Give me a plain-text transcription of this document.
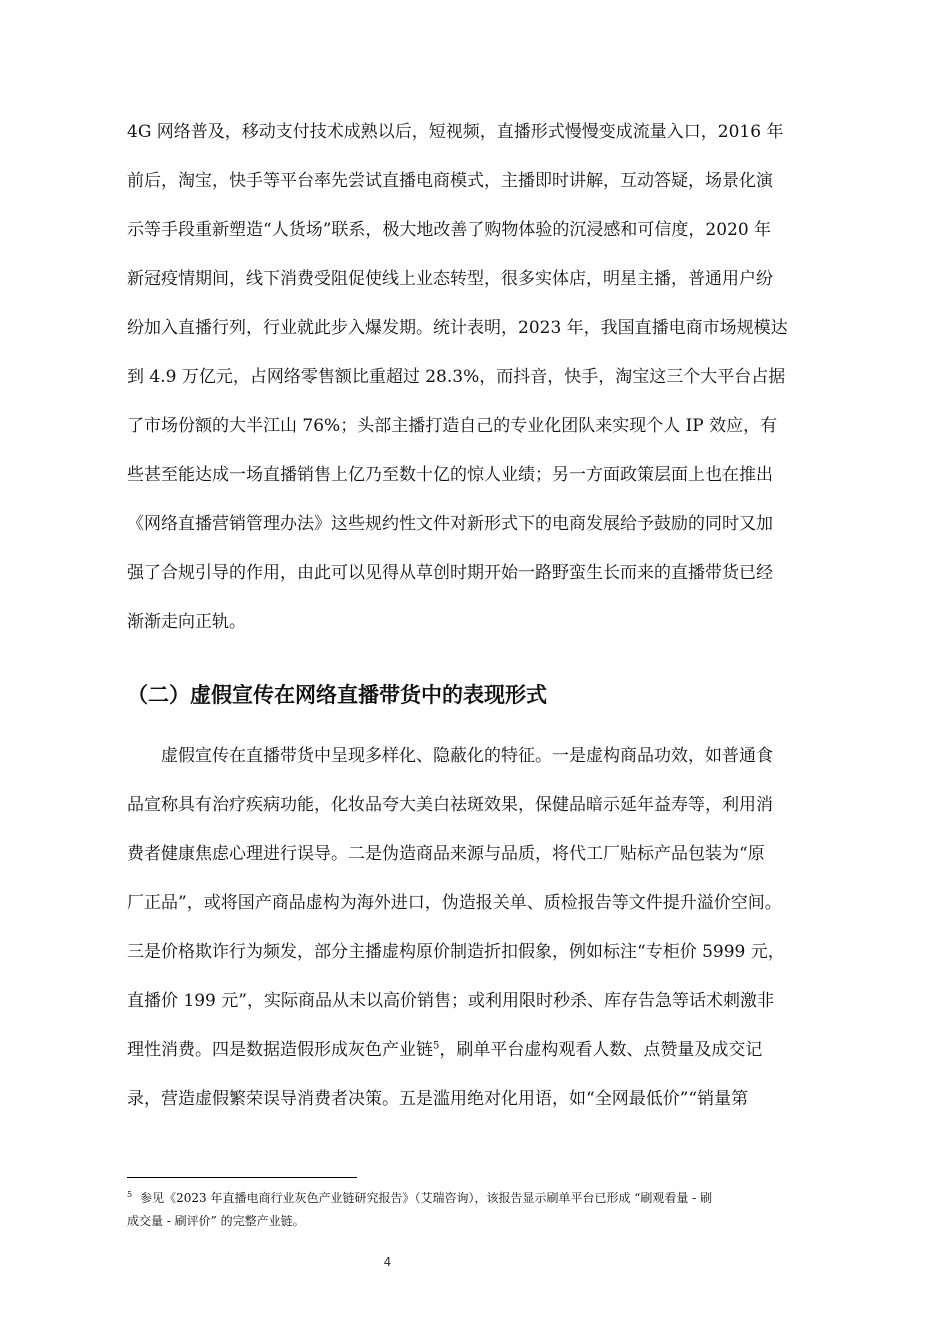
4G 网络普及，移动支付技术成熟以后，短视频，直播形式慢慢变成流量入口，2016 年
前后，淘宝，快手等平台率先尝试直播电商模式，主播即时讲解，互动答疑，场景化演
示等手段重新塑造“人货场”联系，极大地改善了购物体验的沉浸感和可信度，2020 年
新冠疫情期间，线下消费受阻促使线上业态转型，很多实体店，明星主播，普通用户纷
纷加入直播行列，行业就此步入爆发期。统计表明，2023 年，我国直播电商市场规模达
到 4.9 万亿元，占网络零售额比重超过 28.3%，而抖音，快手，淘宝这三个大平台占据
了市场份额的大半江山 76%；头部主播打造自己的专业化团队来实现个人 IP 效应，有
些甚至能达成一场直播销售上亿乃至数十亿的惊人业绩；另一方面政策层面上也在推出
《网络直播营销管理办法》这些规约性文件对新形式下的电商发展给予鼓励的同时又加
强了合规引导的作用，由此可以见得从草创时期开始一路野蛮生长而来的直播带货已经
渐渐走向正轨。
（二）虚假宣传在网络直播带货中的表现形式
虚假宣传在直播带货中呈现多样化、隐蔽化的特征。一是虚构商品功效，如普通食
品宣称具有治疗疾病功能，化妆品夸大美白祛斑效果，保健品暗示延年益寿等，利用消
费者健康焦虑心理进行误导。二是伪造商品来源与品质，将代工厂贴标产品包装为“原
厂正品”，或将国产商品虚构为海外进口，伪造报关单、质检报告等文件提升溢价空间。
三是价格欺诈行为频发，部分主播虚构原价制造折扣假象，例如标注“专柜价 5999 元，
直播价 199 元”，实际商品从未以高价销售；或利用限时秒杀、库存告急等话术刺激非
理性消费。四是数据造假形成灰色产业链$^5$，刷单平台虚构观看人数、点赞量及成交记
录，营造虚假繁荣误导消费者决策。五是滥用绝对化用语，如“全网最低价”“销量第
$^5$ 参见《2023 年直播电商行业灰色产业链研究报告》（艾瑞咨询），该报告显示刷单平台已形成 “刷观看量 - 刷
成交量 - 刷评价” 的完整产业链。
4
